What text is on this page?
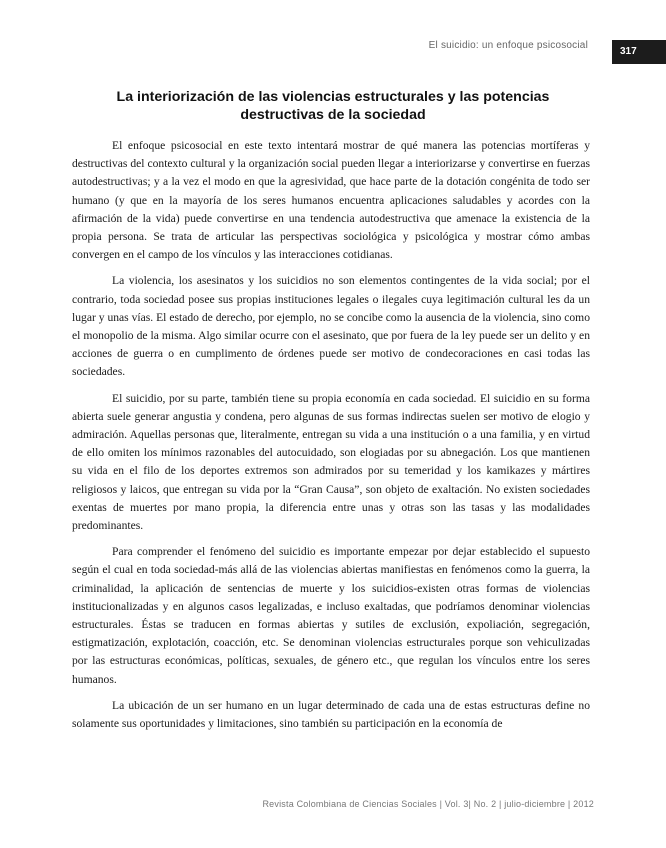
El suicidio: un enfoque psicosocial
317
La interiorización de las violencias estructurales y las potencias
destructivas de la sociedad

El enfoque psicosocial en este texto intentará mostrar de qué manera las potencias mortíferas y destructivas del contexto cultural y la organización social pueden llegar a interiorizarse y convertirse en fuerzas autodestructivas; y a la vez el modo en que la agresividad, que hace parte de la dotación congénita de todo ser humano (y que en la mayoría de los seres humanos encuentra aplicaciones saludables y acordes con la afirmación de la vida) puede convertirse en una tendencia autodestructiva que amenace la existencia de la propia persona. Se trata de articular las perspectivas sociológica y psicológica y mostrar cómo ambas convergen en el campo de los vínculos y las interacciones cotidianas.

La violencia, los asesinatos y los suicidios no son elementos contingentes de la vida social; por el contrario, toda sociedad posee sus propias instituciones legales o ilegales cuya legitimación cultural les da un lugar y unas vías. El estado de derecho, por ejemplo, no se concibe como la ausencia de la violencia, sino como el monopolio de la misma. Algo similar ocurre con el asesinato, que por fuera de la ley puede ser un delito y en acciones de guerra o en cumplimento de órdenes puede ser motivo de condecoraciones en casi todas las sociedades.

El suicidio, por su parte, también tiene su propia economía en cada sociedad. El suicidio en su forma abierta suele generar angustia y condena, pero algunas de sus formas indirectas suelen ser motivo de elogio y admiración. Aquellas personas que, literalmente, entregan su vida a una institución o a una familia, y en virtud de ello omiten los mínimos razonables del autocuidado, son elogiadas por su abnegación. Los que mantienen su vida en el filo de los deportes extremos son admirados por su temeridad y los kamikazes y mártires religiosos y laicos, que entregan su vida por la “Gran Causa”, son objeto de exaltación. No existen sociedades exentas de muertes por mano propia, la diferencia entre unas y otras son las tasas y las modalidades predominantes.

Para comprender el fenómeno del suicidio es importante empezar por dejar establecido el supuesto según el cual en toda sociedad-más allá de las violencias abiertas manifiestas en fenómenos como la guerra, la criminalidad, la aplicación de sentencias de muerte y los suicidios-existen otras formas de violencias institucionalizadas y en algunos casos legalizadas, e incluso exaltadas, que podríamos denominar violencias estructurales. Éstas se traducen en formas abiertas y sutiles de exclusión, expoliación, segregación, estigmatización, explotación, coacción, etc. Se denominan violencias estructurales porque son vehiculizadas por las estructuras económicas, políticas, sexuales, de género etc., que regulan los vínculos entre los seres humanos.

La ubicación de un ser humano en un lugar determinado de cada una de estas estructuras define no solamente sus oportunidades y limitaciones, sino también su participación en la economía de

Revista Colombiana de Ciencias Sociales | Vol. 3| No. 2 | julio-diciembre | 2012
